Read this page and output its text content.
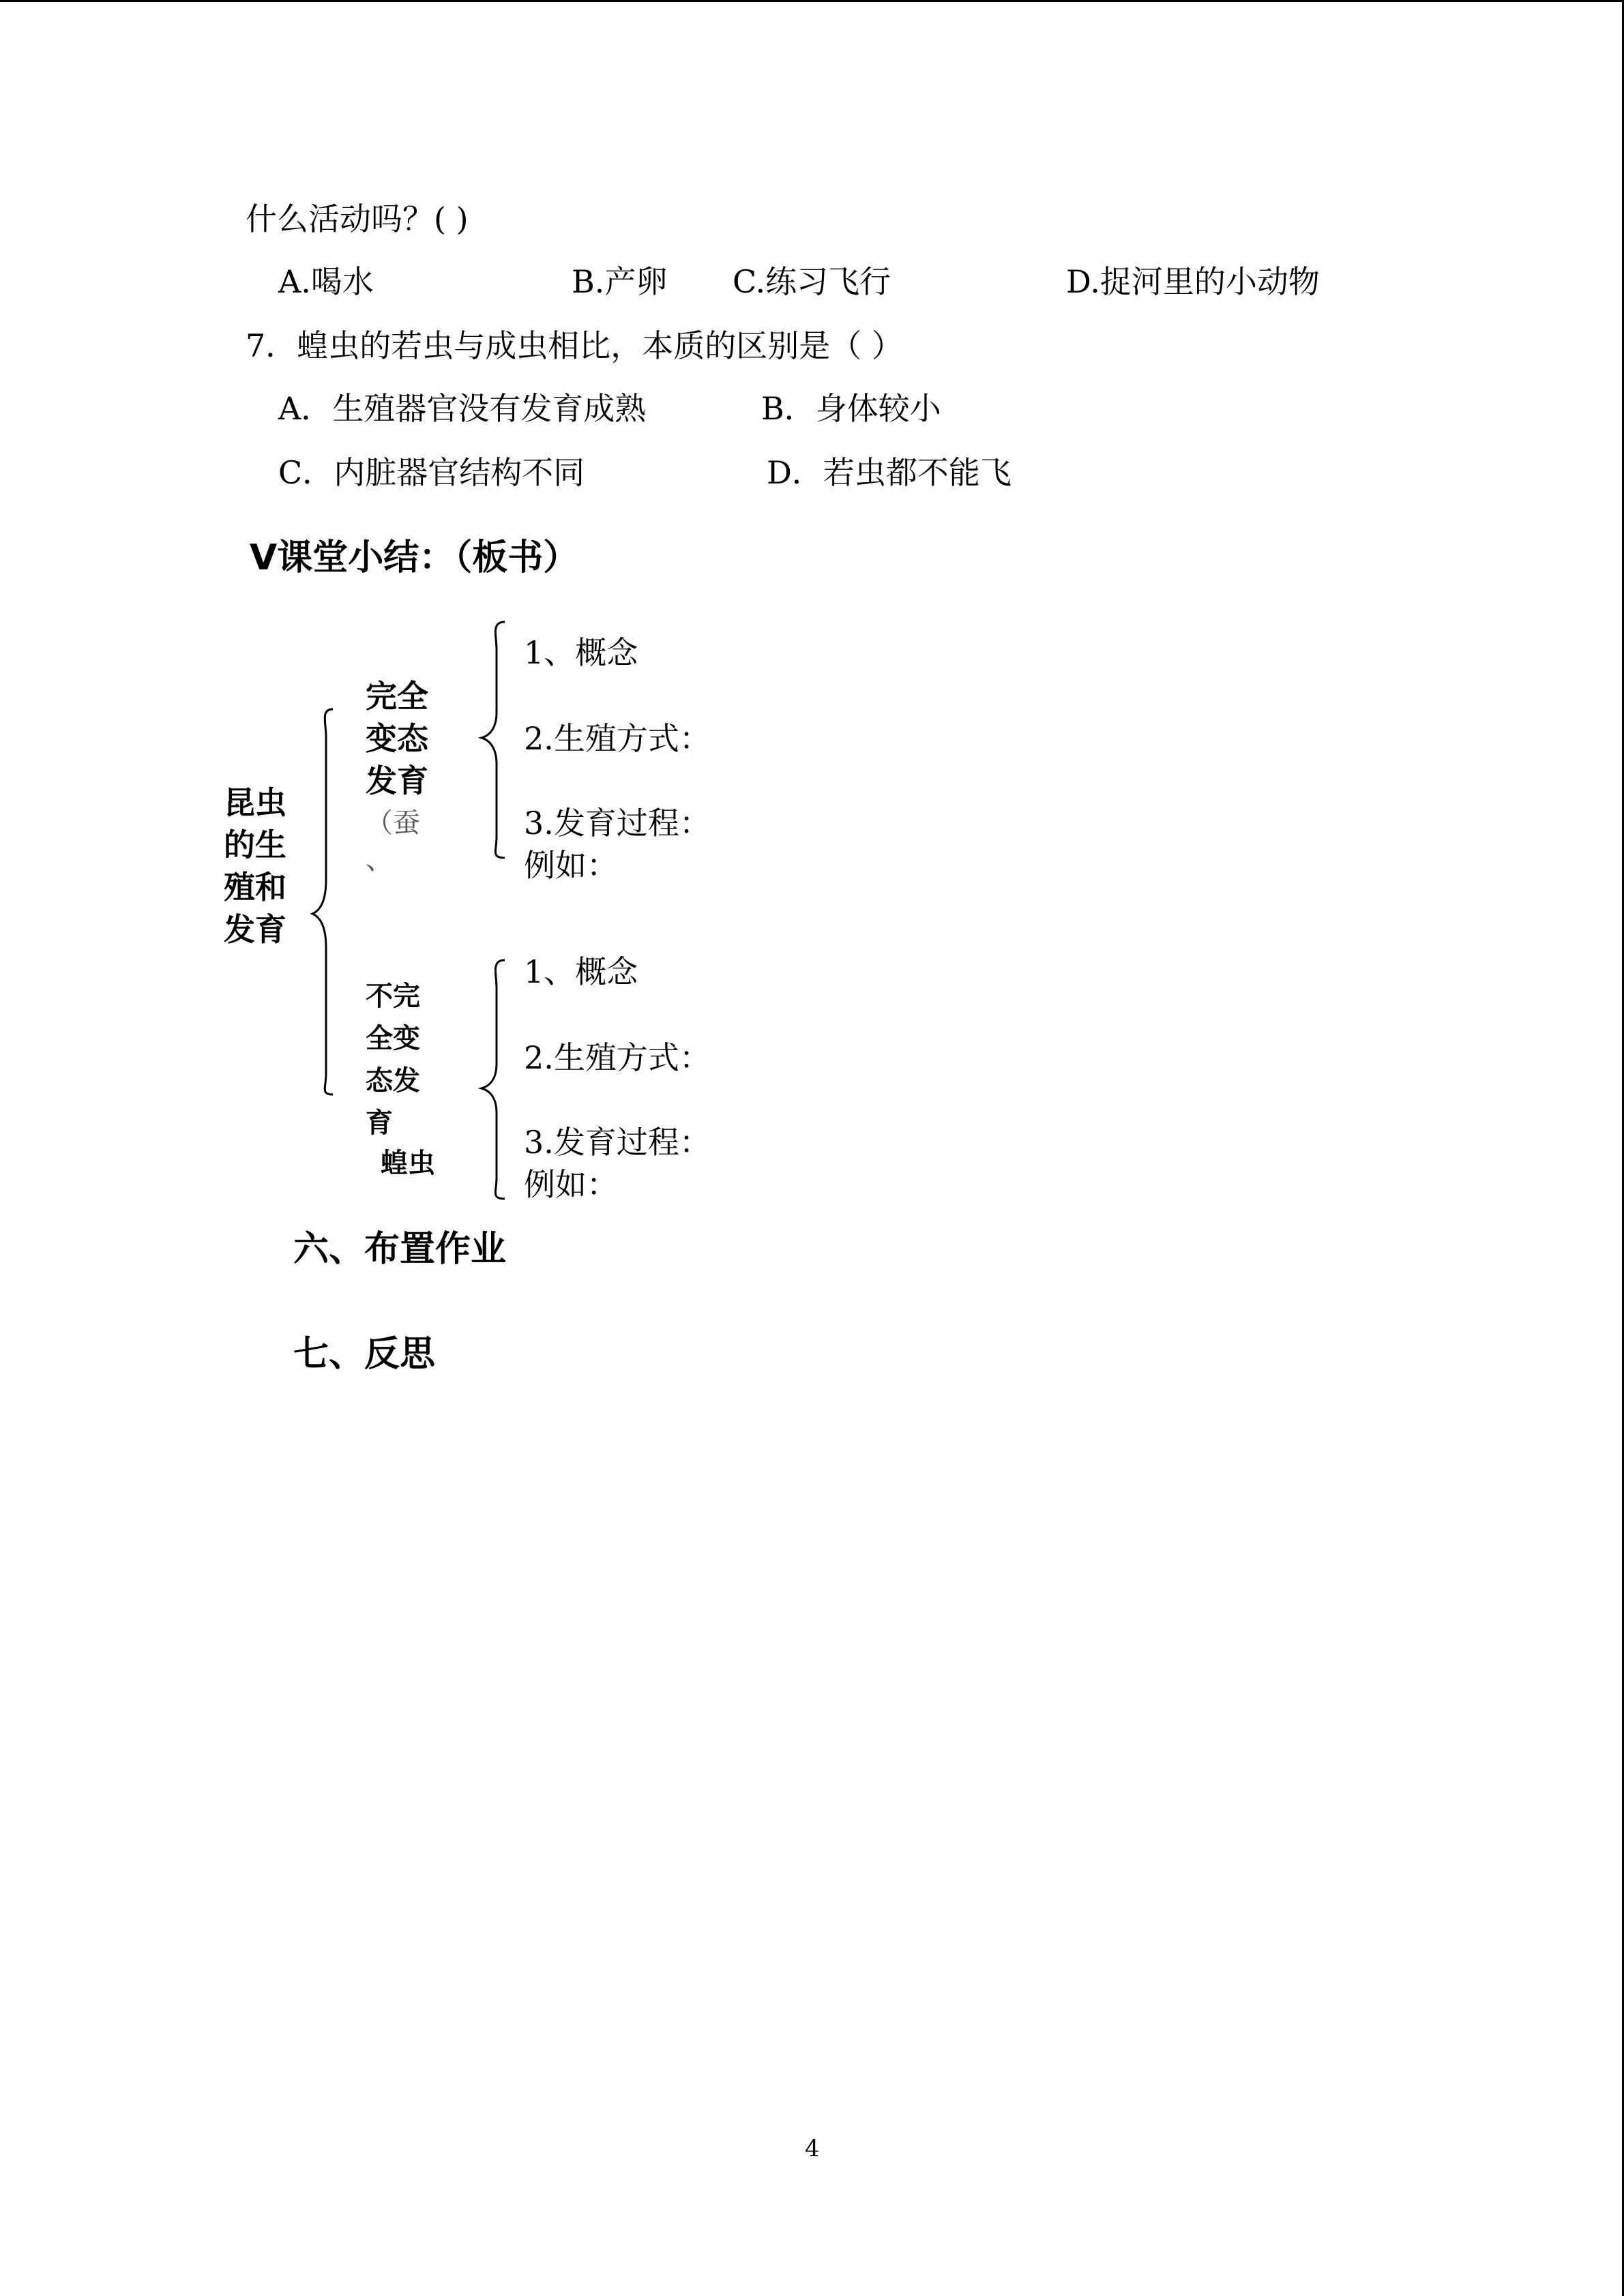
什么活动吗？( )
A.喝水	B.产卵 C.练习飞行	D.捉河里的小动物
7．蝗虫的若虫与成虫相比，本质的区别是（ ）
A．生殖器官没有发育成熟	B．身体较小
C．内脏器官结构不同	D．若虫都不能飞
Ⅴ课堂小结：（板书）
昆虫
的生
殖和
发育
完全
变态
发育
（蚕
、
1、概念
2.生殖方式：
3.发育过程：
例如：
不完
全变
态发
育
蝗虫
1、概念
2.生殖方式：
3.发育过程：
例如：
六、布置作业
七、反思
4
